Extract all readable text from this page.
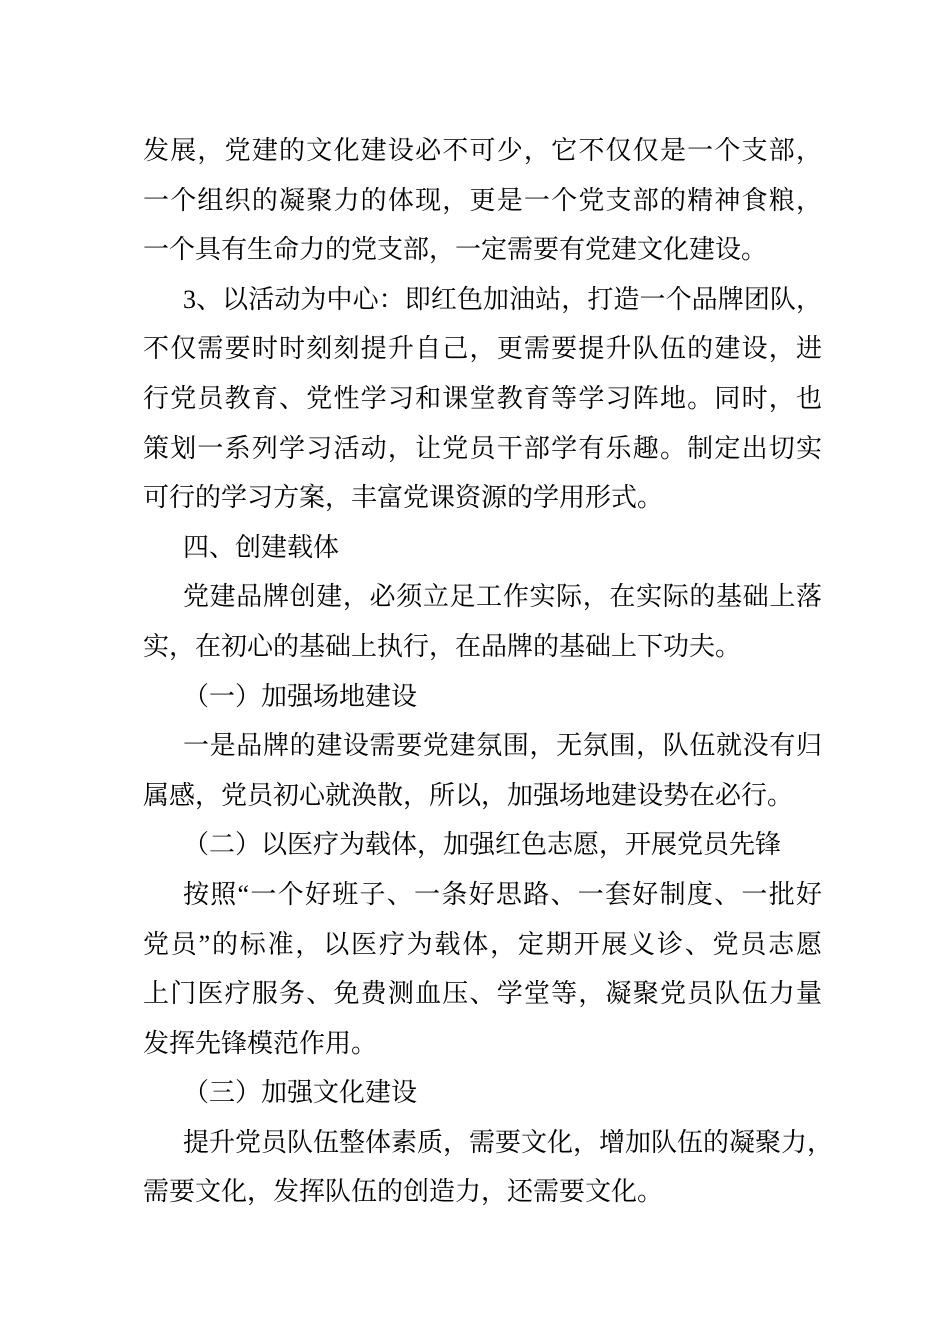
发展，党建的文化建设必不可少，它不仅仅是一个支部，
一个组织的凝聚力的体现，更是一个党支部的精神食粮，
一个具有生命力的党支部，一定需要有党建文化建设。

3、以活动为中心：即红色加油站，打造一个品牌团队，
不仅需要时时刻刻提升自己，更需要提升队伍的建设，进
行党员教育、党性学习和课堂教育等学习阵地。同时，也
策划一系列学习活动，让党员干部学有乐趣。制定出切实
可行的学习方案，丰富党课资源的学用形式。

四、创建载体

党建品牌创建，必须立足工作实际，在实际的基础上落
实，在初心的基础上执行，在品牌的基础上下功夫。

（一）加强场地建设

一是品牌的建设需要党建氛围，无氛围，队伍就没有归
属感，党员初心就涣散，所以，加强场地建设势在必行。

（二）以医疗为载体，加强红色志愿，开展党员先锋

按照“一个好班子、一条好思路、一套好制度、一批好
党员”的标准，以医疗为载体，定期开展义诊、党员志愿
上门医疗服务、免费测血压、学堂等，凝聚党员队伍力量
发挥先锋模范作用。

（三）加强文化建设

提升党员队伍整体素质，需要文化，增加队伍的凝聚力，
需要文化，发挥队伍的创造力，还需要文化。
